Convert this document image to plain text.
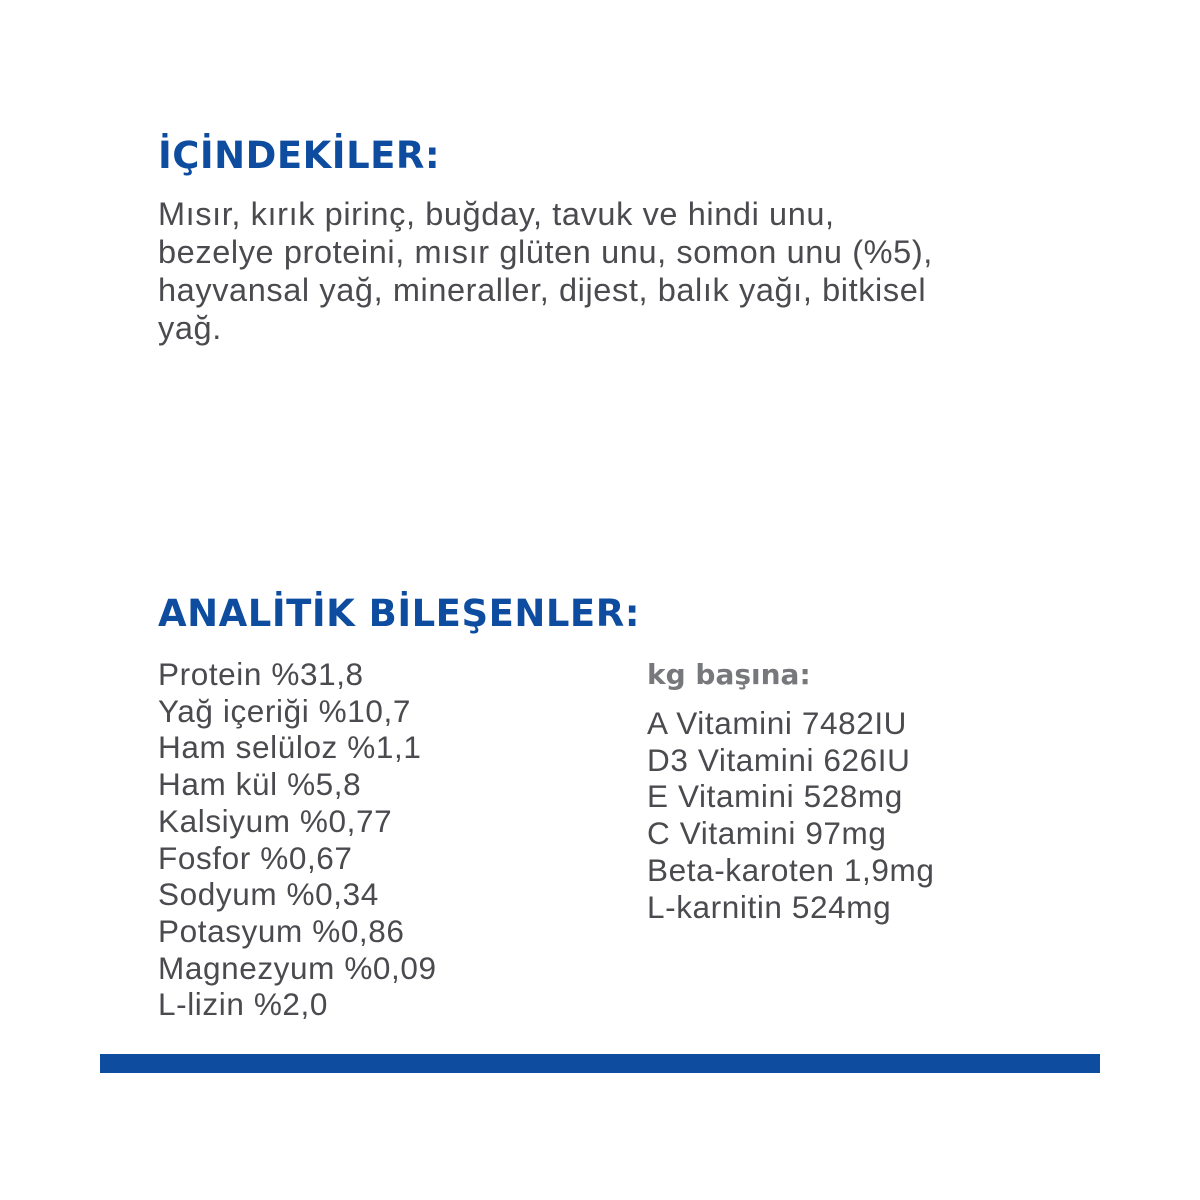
İÇİNDEKİLER:

Mısır, kırık pirinç, buğday, tavuk ve hindi unu,
bezelye proteini, mısır glüten unu, somon unu (%5),
hayvansal yağ, mineraller, dijest, balık yağı, bitkisel
yağ.

ANALİTİK BİLEŞENLER:
Protein %31,8
Yağ içeriği %10,7
Ham selüloz %1,1
Ham kül %5,8
Kalsiyum %0,77
Fosfor %0,67
Sodyum %0,34
Potasyum %0,86
Magnezyum %0,09
L-lizin %2,0
kg başına:
A Vitamini 7482IU
D3 Vitamini 626IU
E Vitamini 528mg
C Vitamini 97mg
Beta-karoten 1,9mg
L-karnitin 524mg
